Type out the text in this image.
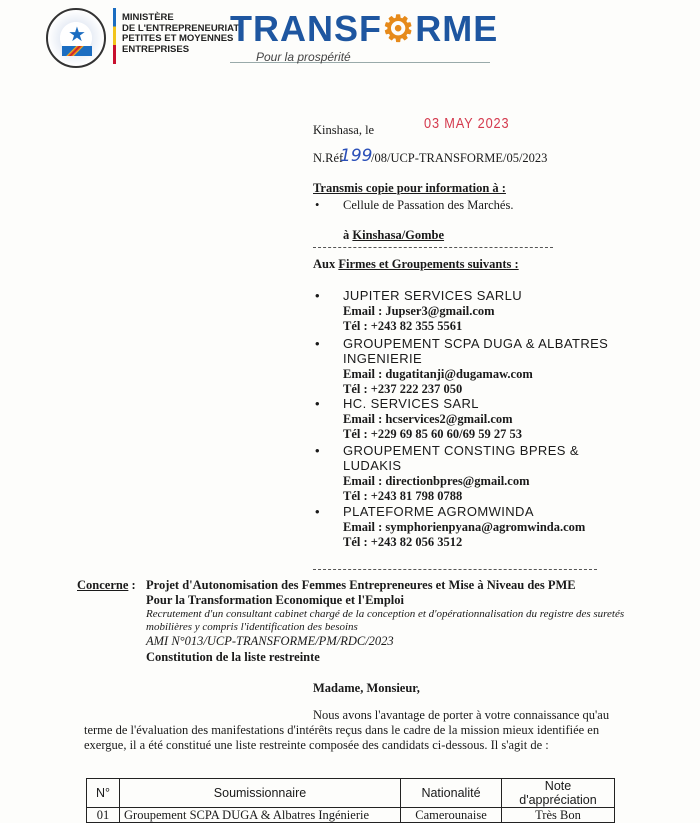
★
MINISTÈRE
DE L'ENTREPRENEURIAT,
PETITES ET MOYENNES
ENTREPRISES	TRANSF⚙RME
Pour la prospérité
Kinshasa, le	03 MAY 2023
N.Réf
199
/08/UCP-TRANSFORME/05/2023
Transmis copie pour information à :
• Cellule de Passation des Marchés.
à Kinshasa/Gombe
Aux Firmes et Groupements suivants :
• JUPITER SERVICES SARLU
Email : Jupser3@gmail.com
Tél : +243 82 355 5561
• GROUPEMENT SCPA DUGA & ALBATRES
INGENIERIE
Email : dugatitanji@dugamaw.com
Tél : +237 222 237 050
• HC. SERVICES SARL
Email : hcservices2@gmail.com
Tél : +229 69 85 60 60/69 59 27 53
• GROUPEMENT CONSTING BPRES &
LUDAKIS
Email : directionbpres@gmail.com
Tél : +243 81 798 0788
• PLATEFORME AGROMWINDA
Email : symphorienpyana@agromwinda.com
Tél : +243 82 056 3512
Concerne : Projet d'Autonomisation des Femmes Entrepreneures et Mise à Niveau des PME
Pour la Transformation Economique et l'Emploi
Recrutement d'un consultant cabinet chargé de la conception et d'opérationnalisation du registre des suretés
mobilières y compris l'identification des besoins
AMI N°013/UCP-TRANSFORME/PM/RDC/2023
Constitution de la liste restreinte
Madame, Monsieur,
Nous avons l'avantage de porter à votre connaissance qu'au
terme de l'évaluation des manifestations d'intérêts reçus dans le cadre de la mission mieux identifiée en
exergue, il a été constitué une liste restreinte composée des candidats ci-dessous. Il s'agit de :
N°	Soumissionnaire	Nationalité	Note d'appréciation
01	Groupement SCPA DUGA & Albatres Ingénierie	Camerounaise	Très Bon
